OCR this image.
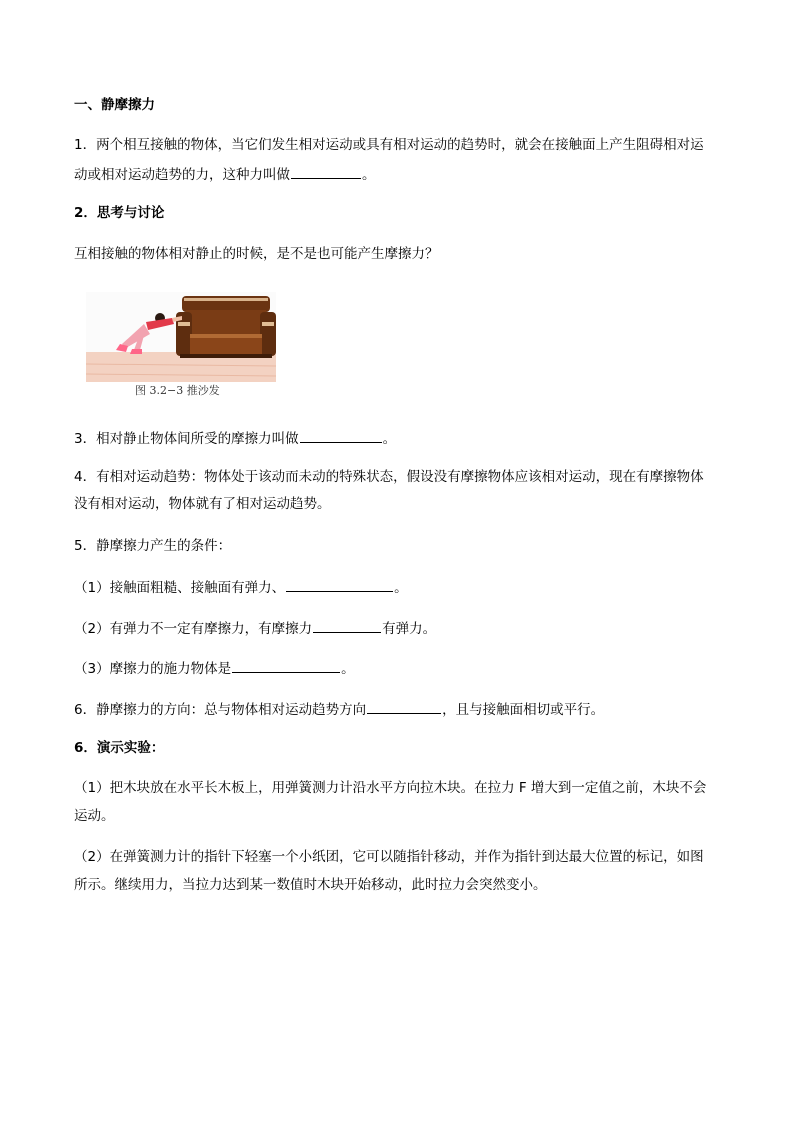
一、静摩擦力
1．两个相互接触的物体，当它们发生相对运动或具有相对运动的趋势时，就会在接触面上产生阻碍相对运
动或相对运动趋势的力，这种力叫做	。
2．思考与讨论
互相接触的物体相对静止的时候，是不是也可能产生摩擦力？
图 3.2−3 推沙发
3．相对静止物体间所受的摩擦力叫做	。
4．有相对运动趋势：物体处于该动而未动的特殊状态，假设没有摩擦物体应该相对运动，现在有摩擦物体
没有相对运动，物体就有了相对运动趋势。
5．静摩擦力产生的条件：
（1）接触面粗糙、接触面有弹力、	。
（2）有弹力不一定有摩擦力，有摩擦力	有弹力。
（3）摩擦力的施力物体是	。
6．静摩擦力的方向：总与物体相对运动趋势方向	，且与接触面相切或平行。
6．演示实验：
（1）把木块放在水平长木板上，用弹簧测力计沿水平方向拉木块。在拉力 F 增大到一定值之前，木块不会
运动。
（2）在弹簧测力计的指针下轻塞一个小纸团，它可以随指针移动，并作为指针到达最大位置的标记，如图
所示。继续用力，当拉力达到某一数值时木块开始移动，此时拉力会突然变小。
